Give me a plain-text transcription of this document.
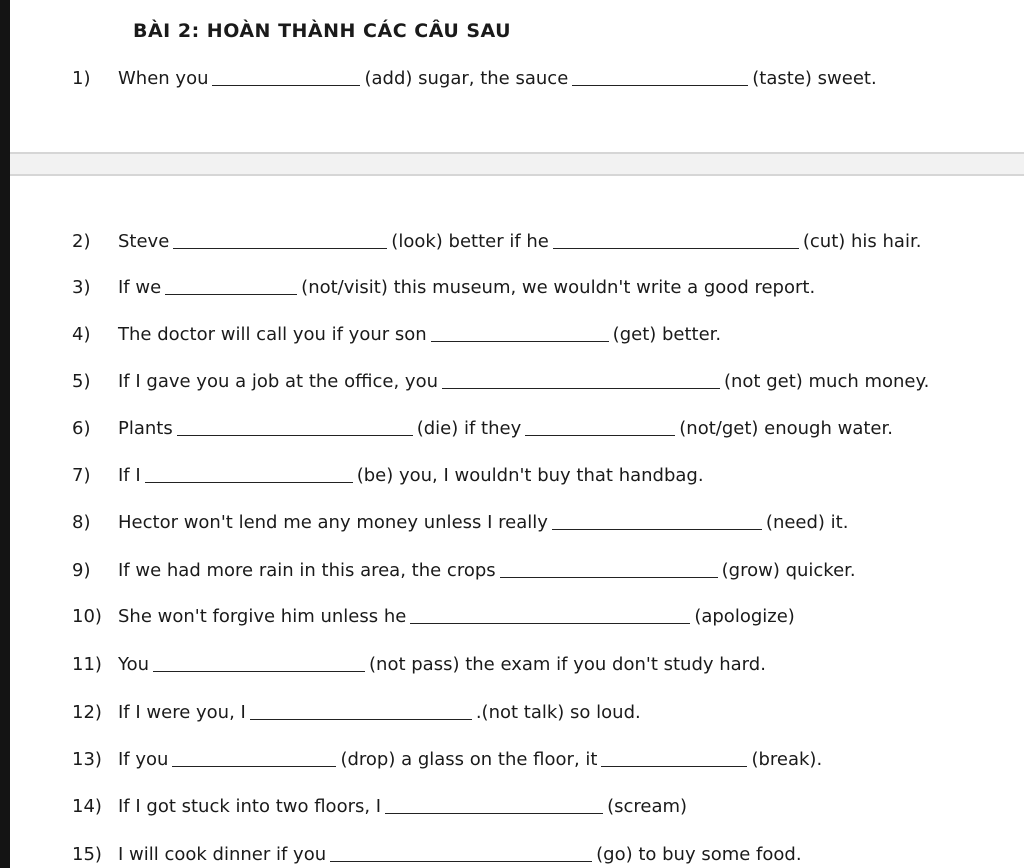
BÀI 2: HOÀN THÀNH CÁC CÂU SAU
1) When you	(add) sugar, the sauce	(taste) sweet.
2) Steve	(look) better if he	(cut) his hair.
3) If we	(not/visit) this museum, we wouldn't write a good report.
4) The doctor will call you if your son	(get) better.
5) If I gave you a job at the office, you	(not get) much money.
6) Plants	(die) if they	(not/get) enough water.
7) If I	(be) you, I wouldn't buy that handbag.
8) Hector won't lend me any money unless I really	(need) it.
9) If we had more rain in this area, the crops	(grow) quicker.
10) She won't forgive him unless he	(apologize)
11) You	(not pass) the exam if you don't study hard.
12) If I were you, I	.(not talk) so loud.
13) If you	(drop) a glass on the floor, it	(break).
14) If I got stuck into two floors, I	(scream)
15) I will cook dinner if you	(go) to buy some food.
